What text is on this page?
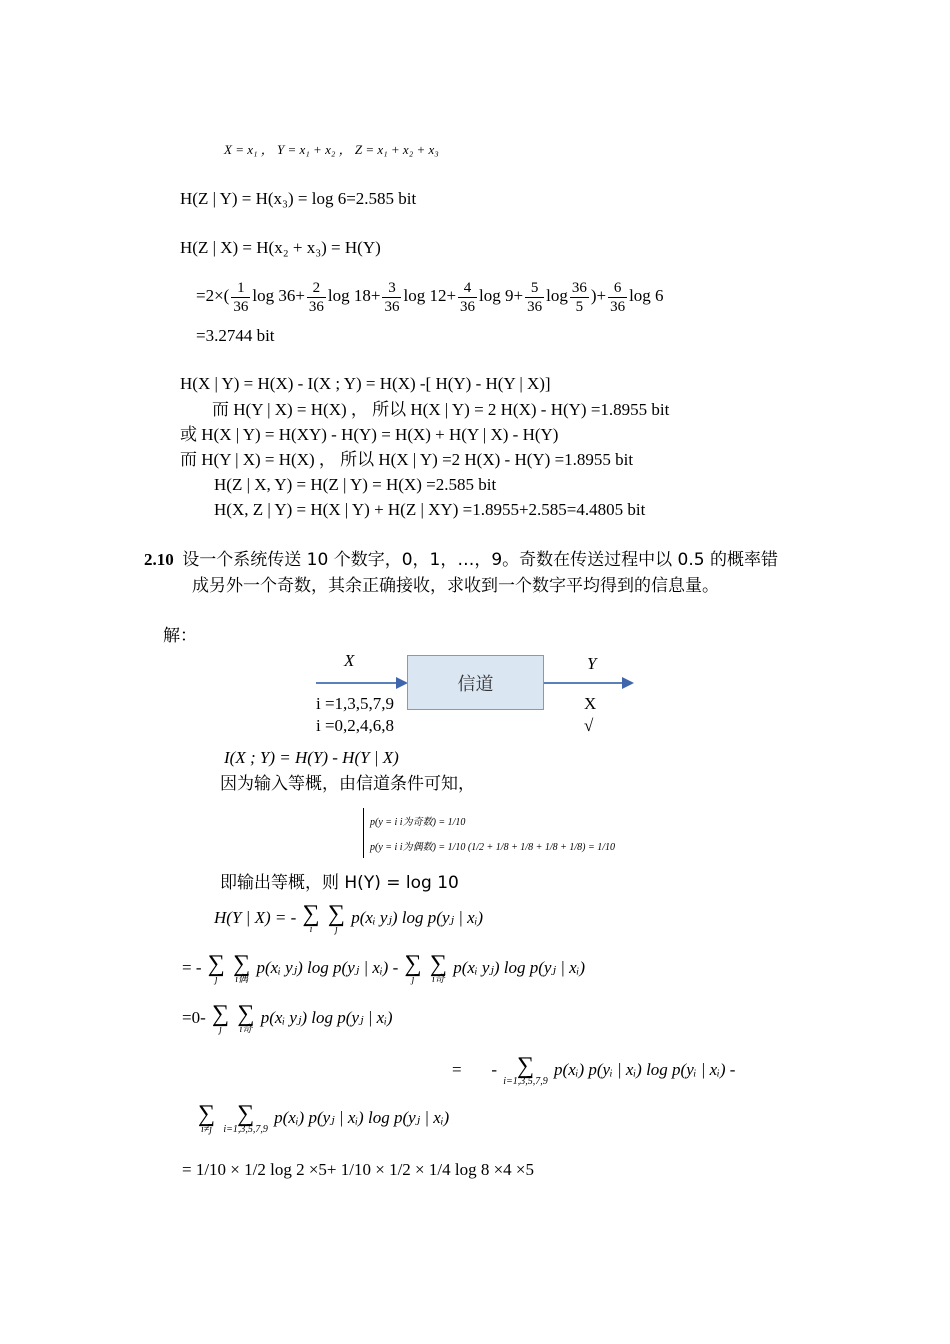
X = x₁ ， Y = x₁ + x₂ ， Z = x₁ + x₂ + x₃
H(Z | Y) = H(x₃) = log 6=2.585 bit
H(Z | X) = H(x₂ + x₃) = H(Y)
$=2\times( \frac{1}{36}$ $\log 36+ \frac{2}{36}$ $\log 18+ \frac{3}{36}$ $\log 12+ \frac{4}{36}$ $\log 9+ \frac{5}{36}$ $\log \frac{36}{5}$ )+ $\frac{6}{36}$ log 6
=3.2744 bit
H(X | Y) = H(X) - I(X ; Y) = H(X) -[ H(Y) - H(Y | X)]
而 H(Y | X) = H(X) ， 所以 H(X | Y) = 2 H(X) - H(Y) =1.8955 bit
或 H(X | Y) = H(XY) - H(Y) = H(X) + H(Y | X) - H(Y)
而 H(Y | X) = H(X) ， 所以 H(X | Y) =2 H(X) - H(Y) =1.8955 bit
H(Z | X, Y) = H(Z | Y) = H(X) =2.585 bit
H(X, Z | Y) = H(X | Y) + H(Z | XY) =1.8955+2.585=4.4805 bit
2.10 设一个系统传送 10 个数字，0，1，…，9。奇数在传送过程中以 0.5 的概率错
成另外一个奇数，其余正确接收，求收到一个数字平均得到的信息量。
解：
X	Y
信道
i =1,3,5,7,9
i =0,2,4,6,8
X
√
I(X ; Y) = H(Y) - H(Y | X)
因为输入等概，由信道条件可知，
p(y = i i为奇数) = 1/10
p(y = i i为偶数) = 1/10 (1/2 + 1/8 + 1/8 + 1/8 + 1/8) = 1/10
即输出等概，则 H(Y) = log 10
H(Y | X) = - ∑
i

∑
j
p(xᵢ yⱼ) log p(yⱼ | xᵢ)
= - ∑
j

∑
i偶
p(xᵢ yⱼ) log p(yⱼ | xᵢ) - ∑
j

∑
i奇
p(xᵢ yⱼ) log p(yⱼ | xᵢ)
=0- ∑
j

∑
i奇
p(xᵢ yⱼ) log p(yⱼ | xᵢ)
=       - ∑
i=1,3,5,7,9
p(xᵢ) p(yᵢ | xᵢ) log p(yᵢ | xᵢ) -
∑
i≠j

∑
i=1,3,5,7,9
p(xᵢ) p(yⱼ | xᵢ) log p(yⱼ | xᵢ)
= 1/10 × 1/2 log 2 ×5+ 1/10 × 1/2 × 1/4 log 8 ×4 ×5
